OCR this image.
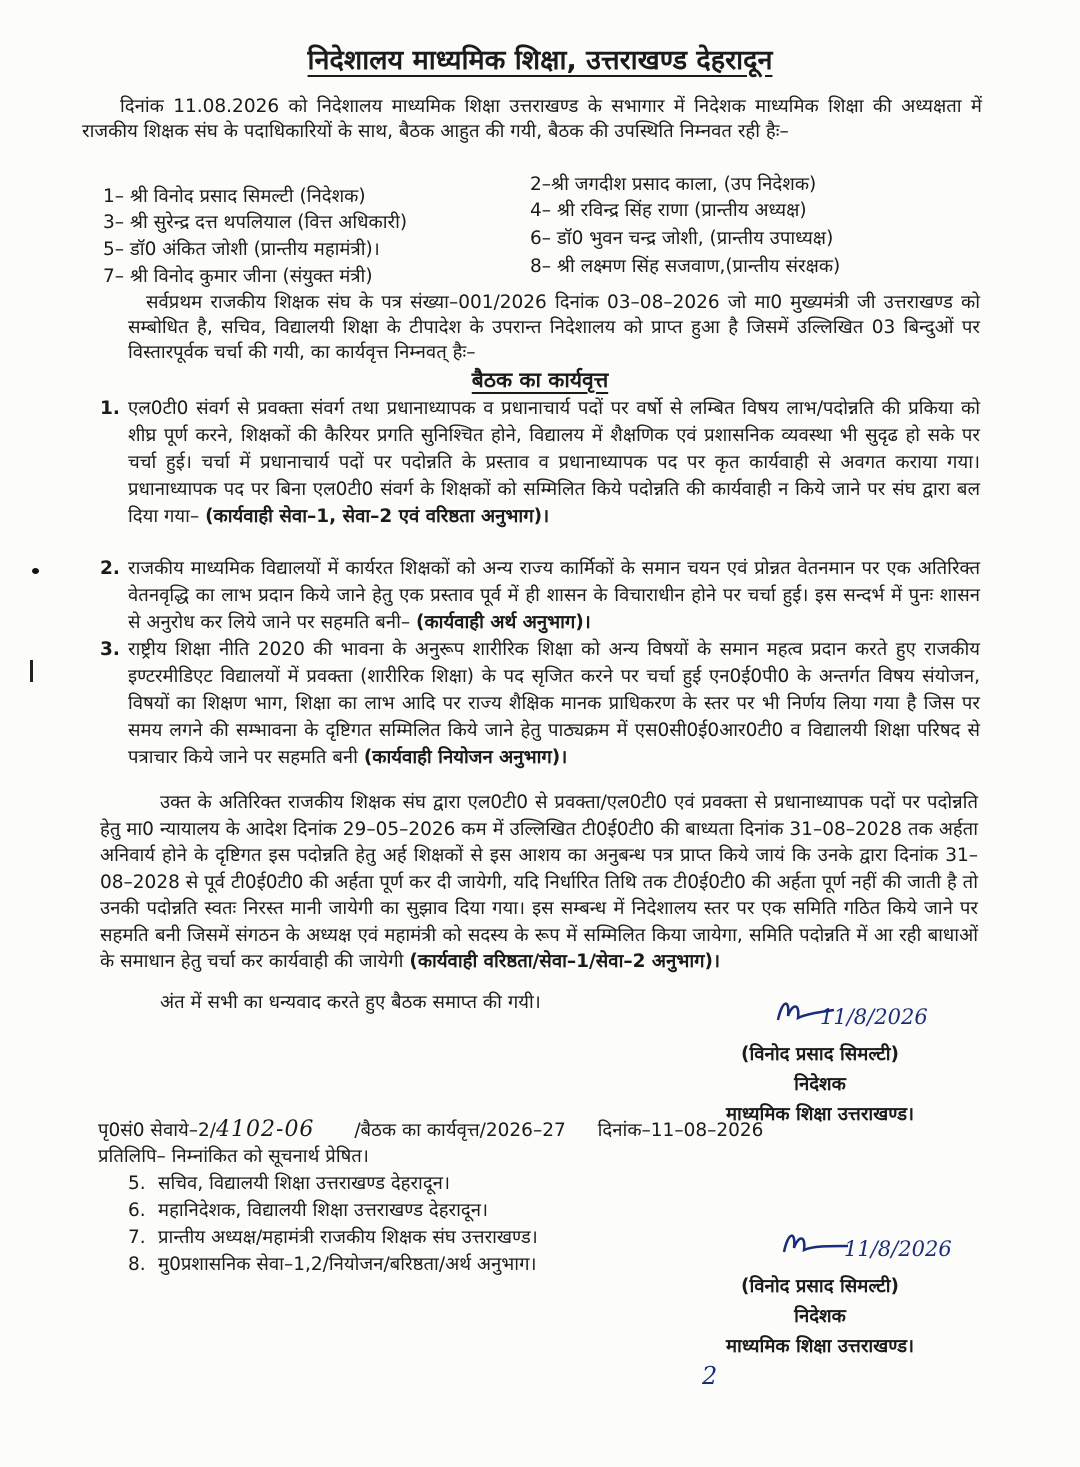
निदेशालय माध्यमिक शिक्षा, उत्तराखण्ड देहरादून
दिनांक 11.08.2026 को निदेशालय माध्यमिक शिक्षा उत्तराखण्ड के सभागार में निदेशक माध्यमिक शिक्षा की अध्यक्षता में राजकीय शिक्षक संघ के पदाधिकारियों के साथ, बैठक आहुत की गयी, बैठक की उपस्थिति निम्नवत रही हैः–
1– श्री विनोद प्रसाद सिमल्टी (निदेशक)
2–श्री जगदीश प्रसाद काला, (उप निदेशक)
3– श्री सुरेन्द्र दत्त थपलियाल (वित्त अधिकारी)
4– श्री रविन्द्र सिंह राणा (प्रान्तीय अध्यक्ष)
5– डॉ0 अंकित जोशी (प्रान्तीय महामंत्री)।
6– डॉ0 भुवन चन्द्र जोशी, (प्रान्तीय उपाध्यक्ष)
7– श्री विनोद कुमार जीना (संयुक्त मंत्री)	8– श्री लक्ष्मण सिंह सजवाण,(प्रान्तीय संरक्षक)
सर्वप्रथम राजकीय शिक्षक संघ के पत्र संख्या–001/2026 दिनांक 03–08–2026 जो मा0 मुख्यमंत्री जी उत्तराखण्ड को सम्बोधित है, सचिव, विद्यालयी शिक्षा के टीपादेश के उपरान्त निदेशालय को प्राप्त हुआ है जिसमें उल्लिखित 03 बिन्दुओं पर विस्तारपूर्वक चर्चा की गयी, का कार्यवृत्त निम्नवत् हैः–
बैठक का कार्यवृत्त
1. एल0टी0 संवर्ग से प्रवक्ता संवर्ग तथा प्रधानाध्यापक व प्रधानाचार्य पदों पर वर्षो से लम्बित विषय लाभ/पदोन्नति की प्रकिया को शीघ्र पूर्ण करने, शिक्षकों की कैरियर प्रगति सुनिश्चित होने, विद्यालय में शैक्षणिक एवं प्रशासनिक व्यवस्था भी सुदृढ हो सके पर चर्चा हुई। चर्चा में प्रधानाचार्य पदों पर पदोन्नति के प्रस्ताव व प्रधानाध्यापक पद पर कृत कार्यवाही से अवगत कराया गया। प्रधानाध्यापक पद पर बिना एल0टी0 संवर्ग के शिक्षकों को सम्मिलित किये पदोन्नति की कार्यवाही न किये जाने पर संघ द्वारा बल दिया गया– (कार्यवाही सेवा–1, सेवा–2 एवं वरिष्ठता अनुभाग)।
2. राजकीय माध्यमिक विद्यालयों में कार्यरत शिक्षकों को अन्य राज्य कार्मिकों के समान चयन एवं प्रोन्नत वेतनमान पर एक अतिरिक्त वेतनवृद्धि का लाभ प्रदान किये जाने हेतु एक प्रस्ताव पूर्व में ही शासन के विचाराधीन होने पर चर्चा हुई। इस सन्दर्भ में पुनः शासन से अनुरोध कर लिये जाने पर सहमति बनी– (कार्यवाही अर्थ अनुभाग)।
3. राष्ट्रीय शिक्षा नीति 2020 की भावना के अनुरूप शारीरिक शिक्षा को अन्य विषयों के समान महत्व प्रदान करते हुए राजकीय इण्टरमीडिएट विद्यालयों में प्रवक्ता (शारीरिक शिक्षा) के पद सृजित करने पर चर्चा हुई एन0ई0पी0 के अन्तर्गत विषय संयोजन, विषयों का शिक्षण भाग, शिक्षा का लाभ आदि पर राज्य शैक्षिक मानक प्राधिकरण के स्तर पर भी निर्णय लिया गया है जिस पर समय लगने की सम्भावना के दृष्टिगत सम्मिलित किये जाने हेतु पाठ्यक्रम में एस0सी0ई0आर0टी0 व विद्यालयी शिक्षा परिषद से पत्राचार किये जाने पर सहमति बनी (कार्यवाही नियोजन अनुभाग)।
उक्त के अतिरिक्त राजकीय शिक्षक संघ द्वारा एल0टी0 से प्रवक्ता/एल0टी0 एवं प्रवक्ता से प्रधानाध्यापक पदों पर पदोन्नति हेतु मा0 न्यायालय के आदेश दिनांक 29–05–2026 कम में उल्लिखित टी0ई0टी0 की बाध्यता दिनांक 31–08–2028 तक अर्हता अनिवार्य होने के दृष्टिगत इस पदोन्नति हेतु अर्ह शिक्षकों से इस आशय का अनुबन्ध पत्र प्राप्त किये जायं कि उनके द्वारा दिनांक 31–08–2028 से पूर्व टी0ई0टी0 की अर्हता पूर्ण कर दी जायेगी, यदि निर्धारित तिथि तक टी0ई0टी0 की अर्हता पूर्ण नहीं की जाती है तो उनकी पदोन्नति स्वतः निरस्त मानी जायेगी का सुझाव दिया गया। इस सम्बन्ध में निदेशालय स्तर पर एक समिति गठित किये जाने पर सहमति बनी जिसमें संगठन के अध्यक्ष एवं महामंत्री को सदस्य के रूप में सम्मिलित किया जायेगा, समिति पदोन्नति में आ रही बाधाओं के समाधान हेतु चर्चा कर कार्यवाही की जायेगी (कार्यवाही वरिष्ठता/सेवा–1/सेवा–2 अनुभाग)।
अंत में सभी का धन्यवाद करते हुए बैठक समाप्त की गयी।
11/8/2026
(विनोद प्रसाद सिमल्टी)
निदेशक
माध्यमिक शिक्षा उत्तराखण्ड।
पृ0सं0 सेवाये–2/4102-06 /बैठक का कार्यवृत्त/2026–27 दिनांक–11–08–2026
प्रतिलिपि– निम्नांकित को सूचनार्थ प्रेषित।
5. सचिव, विद्यालयी शिक्षा उत्तराखण्ड देहरादून।
6. महानिदेशक, विद्यालयी शिक्षा उत्तराखण्ड देहरादून।
7. प्रान्तीय अध्यक्ष/महामंत्री राजकीय शिक्षक संघ उत्तराखण्ड।
8. मु0प्रशासनिक सेवा–1,2/नियोजन/बरिष्ठता/अर्थ अनुभाग।
11/8/2026
(विनोद प्रसाद सिमल्टी)
निदेशक
माध्यमिक शिक्षा उत्तराखण्ड।
2
